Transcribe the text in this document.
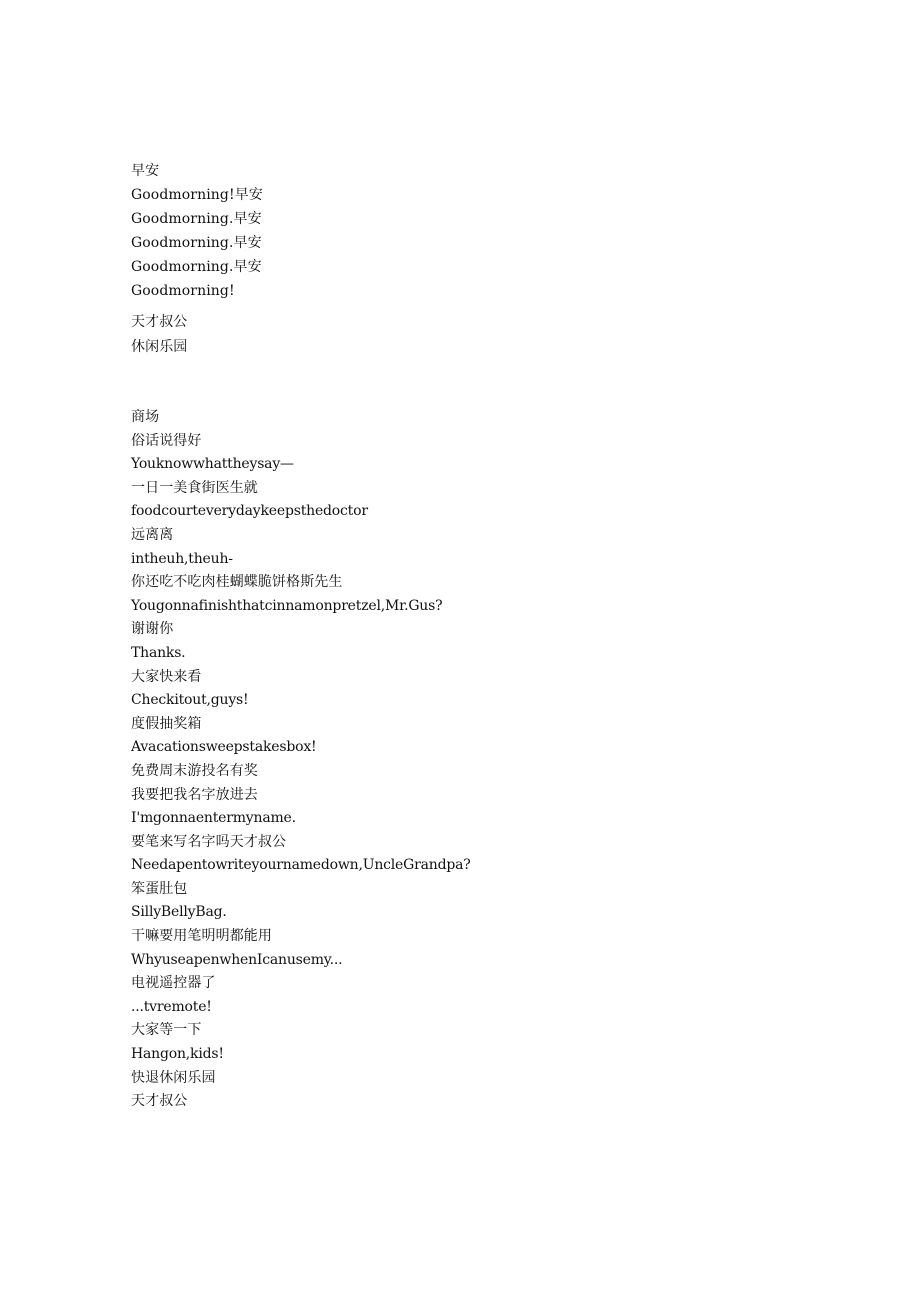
早安
Goodmorning!早安
Goodmorning.早安
Goodmorning.早安
Goodmorning.早安
Goodmorning!
天才叔公
休闲乐园
商场
俗话说得好
Youknowwhattheysay—
一日一美食街医生就
foodcourteverydaykeepsthedoctor
远离离
intheuh,theuh-
你还吃不吃肉桂蝴蝶脆饼格斯先生
Yougonnafinishthatcinnamonpretzel,Mr.Gus?
谢谢你
Thanks.
大家快来看
Checkitout,guys!
度假抽奖箱
Avacationsweepstakesbox!
免费周末游投名有奖
我要把我名字放进去
I'mgonnaentermyname.
要笔来写名字吗天才叔公
Needapentowriteyournamedown,UncleGrandpa?
笨蛋肚包
SillyBellyBag.
干嘛要用笔明明都能用
WhyuseapenwhenIcanusemy...
电视遥控器了
...tvremote!
大家等一下
Hangon,kids!
快退休闲乐园
天才叔公
